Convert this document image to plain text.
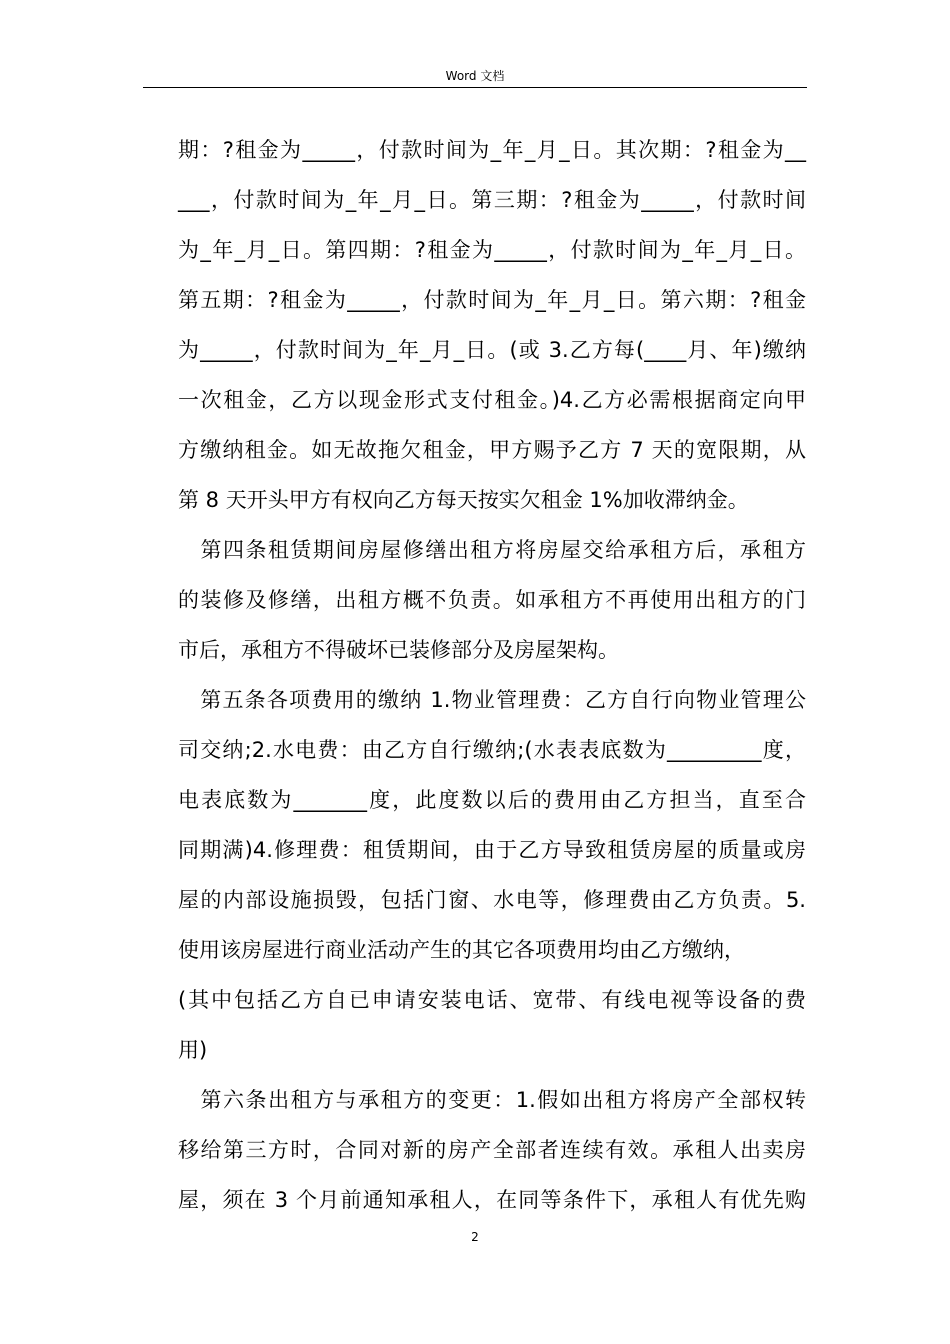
Word 文档
期：?租金为_____，付款时间为_年_月_日。其次期：?租金为__
___，付款时间为_年_月_日。第三期：?租金为_____，付款时间
为_年_月_日。第四期：?租金为_____，付款时间为_年_月_日。
第五期：?租金为_____，付款时间为_年_月_日。第六期：?租金
为_____，付款时间为_年_月_日。(或 3.乙方每(____月、年)缴纳
一次租金，乙方以现金形式支付租金。)4.乙方必需根据商定向甲
方缴纳租金。如无故拖欠租金，甲方赐予乙方 7 天的宽限期，从
第 8 天开头甲方有权向乙方每天按实欠租金 1%加收滞纳金。
　第四条租赁期间房屋修缮出租方将房屋交给承租方后，承租方
的装修及修缮，出租方概不负责。如承租方不再使用出租方的门
市后，承租方不得破坏已装修部分及房屋架构。
　第五条各项费用的缴纳 1.物业管理费：乙方自行向物业管理公
司交纳;2.水电费：由乙方自行缴纳;(水表表底数为_________度，
电表底数为_______度，此度数以后的费用由乙方担当，直至合
同期满)4.修理费：租赁期间，由于乙方导致租赁房屋的质量或房
屋的内部设施损毁，包括门窗、水电等，修理费由乙方负责。5.
使用该房屋进行商业活动产生的其它各项费用均由乙方缴纳，
(其中包括乙方自已申请安装电话、宽带、有线电视等设备的费
用)
　第六条出租方与承租方的变更：1.假如出租方将房产全部权转
移给第三方时，合同对新的房产全部者连续有效。承租人出卖房
屋，须在 3 个月前通知承租人，在同等条件下，承租人有优先购
2
